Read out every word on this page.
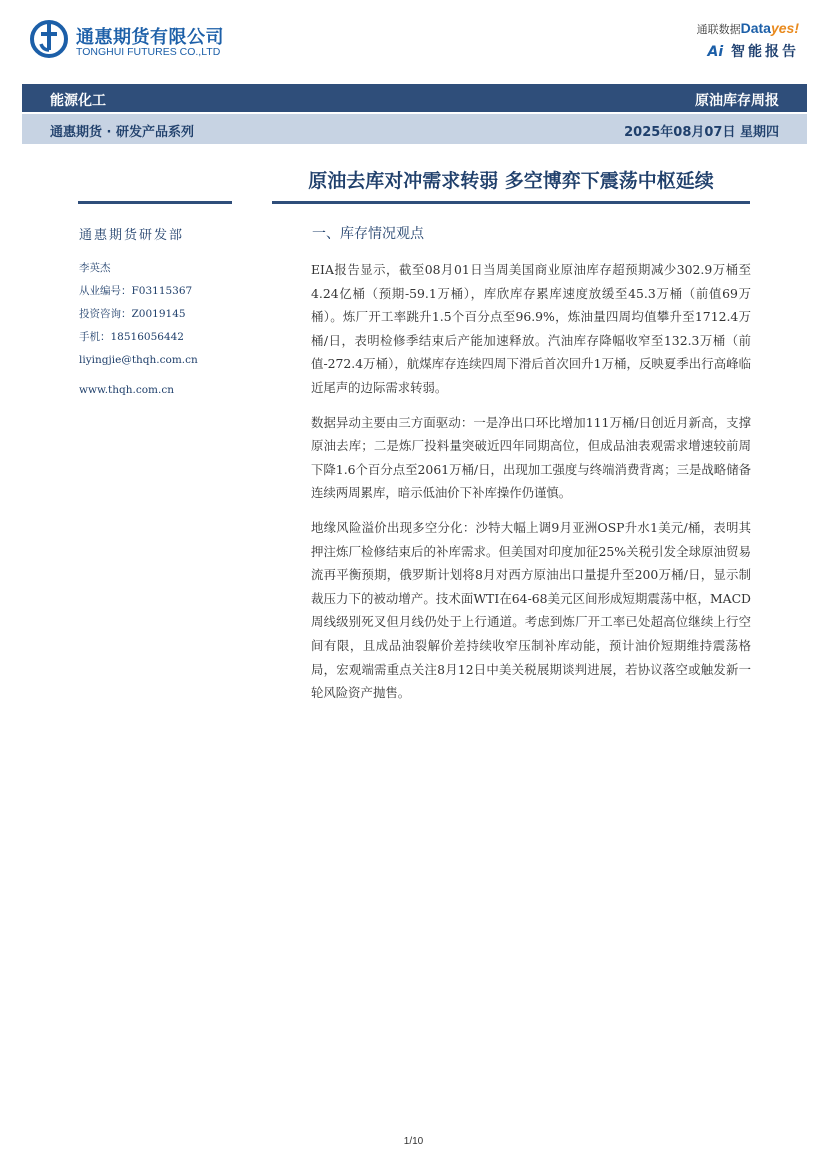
通惠期货有限公司
TONGHUI FUTURES CO.,LTD
通联数据Datayes!
Ai 智能报告
能源化工	原油库存周报
通惠期货 · 研发产品系列	2025年08月07日 星期四
原油去库对冲需求转弱 多空博弈下震荡中枢延续
通惠期货研发部
李英杰
从业编号：F03115367
投资咨询：Z0019145
手机：18516056442
liyingjie@thqh.com.cn
www.thqh.com.cn
一、库存情况观点

EIA报告显示，截至08月01日当周美国商业原油库存超预期减少302.9万桶至4.24亿桶（预期-59.1万桶），库欣库存累库速度放缓至45.3万桶（前值69万桶）。炼厂开工率跳升1.5个百分点至96.9%，炼油量四周均值攀升至1712.4万桶/日，表明检修季结束后产能加速释放。汽油库存降幅收窄至132.3万桶（前值-272.4万桶），航煤库存连续四周下滑后首次回升1万桶，反映夏季出行高峰临近尾声的边际需求转弱。

数据异动主要由三方面驱动：一是净出口环比增加111万桶/日创近月新高，支撑原油去库；二是炼厂投料量突破近四年同期高位，但成品油表观需求增速较前周下降1.6个百分点至2061万桶/日，出现加工强度与终端消费背离；三是战略储备连续两周累库，暗示低油价下补库操作仍谨慎。

地缘风险溢价出现多空分化：沙特大幅上调9月亚洲OSP升水1美元/桶，表明其押注炼厂检修结束后的补库需求。但美国对印度加征25%关税引发全球原油贸易流再平衡预期，俄罗斯计划将8月对西方原油出口量提升至200万桶/日，显示制裁压力下的被动增产。技术面WTI在64-68美元区间形成短期震荡中枢，MACD周线级别死叉但月线仍处于上行通道。考虑到炼厂开工率已处超高位继续上行空间有限，且成品油裂解价差持续收窄压制补库动能，预计油价短期维持震荡格局，宏观端需重点关注8月12日中美关税展期谈判进展，若协议落空或触发新一轮风险资产抛售。

1/10
